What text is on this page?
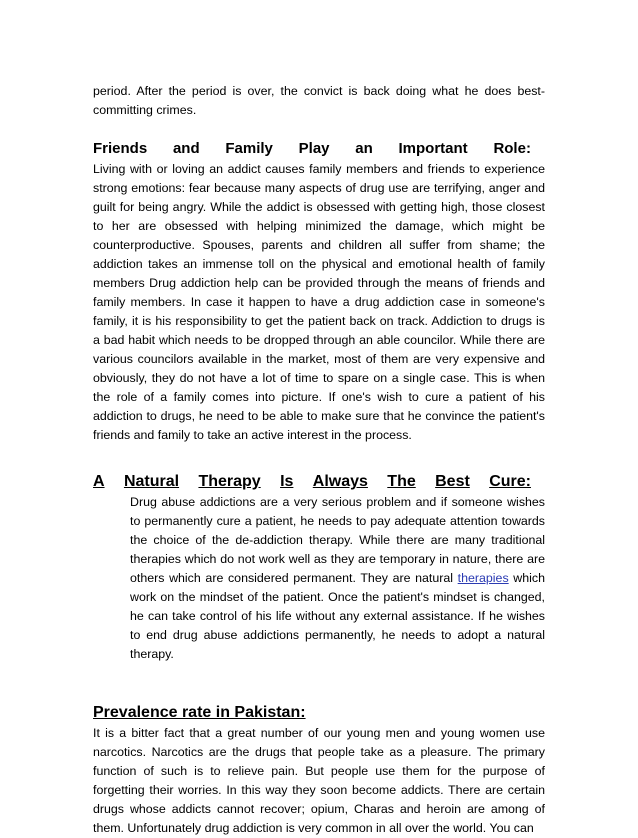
period. After the period is over, the convict is back doing what he does best-committing crimes.

Friends and Family Play an Important Role:

Living with or loving an addict causes family members and friends to experience strong emotions: fear because many aspects of drug use are terrifying, anger and guilt for being angry. While the addict is obsessed with getting high, those closest to her are obsessed with helping minimized the damage, which might be counterproductive. Spouses, parents and children all suffer from shame; the addiction takes an immense toll on the physical and emotional health of family members Drug addiction help can be provided through the means of friends and family members. In case it happen to have a drug addiction case in someone's family, it is his responsibility to get the patient back on track. Addiction to drugs is a bad habit which needs to be dropped through an able councilor. While there are various councilors available in the market, most of them are very expensive and obviously, they do not have a lot of time to spare on a single case. This is when the role of a family comes into picture. If one's wish to cure a patient of his addiction to drugs, he need to be able to make sure that he convince the patient's friends and family to take an active interest in the process.

A Natural Therapy Is Always The Best Cure:

Drug abuse addictions are a very serious problem and if someone wishes to permanently cure a patient, he needs to pay adequate attention towards the choice of the de-addiction therapy. While there are many traditional therapies which do not work well as they are temporary in nature, there are others which are considered permanent. They are natural therapies which work on the mindset of the patient. Once the patient's mindset is changed, he can take control of his life without any external assistance. If he wishes to end drug abuse addictions permanently, he needs to adopt a natural therapy.

Prevalence rate in Pakistan:

It is a bitter fact that a great number of our young men and young women use narcotics. Narcotics are the drugs that people take as a pleasure. The primary function of such is to relieve pain. But people use them for the purpose of forgetting their worries. In this way they soon become addicts. There are certain drugs whose addicts cannot recover; opium, Charas and heroin are among of them. Unfortunately drug addiction is very common in all over the world. You can
